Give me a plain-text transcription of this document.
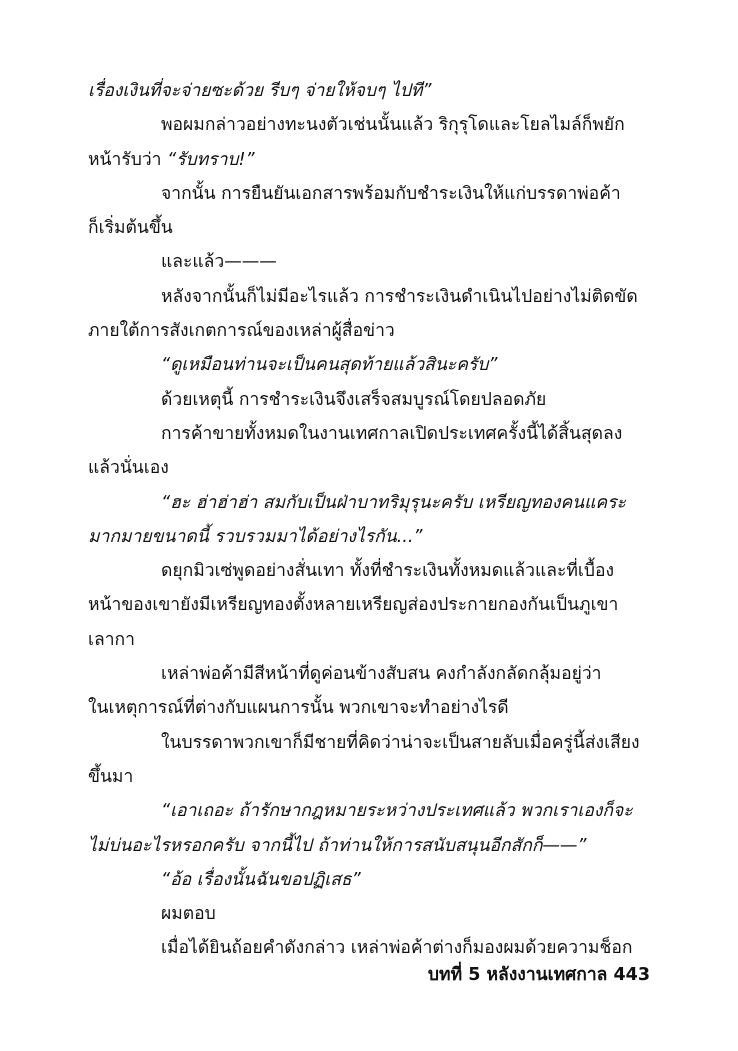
เรื่องเงินที่จะจ่ายซะด้วย รีบๆ จ่ายให้จบๆ ไปที”
พอผมกล่าวอย่างทะนงตัวเช่นนั้นแล้ว ริกุรุโดและโยลไมล์ก็พยัก
หน้ารับว่า “รับทราบ!”
จากนั้น การยืนยันเอกสารพร้อมกับชำระเงินให้แก่บรรดาพ่อค้า
ก็เริ่มต้นขึ้น
และแล้ว———
หลังจากนั้นก็ไม่มีอะไรแล้ว การชำระเงินดำเนินไปอย่างไม่ติดขัด
ภายใต้การสังเกตการณ์ของเหล่าผู้สื่อข่าว
“ดูเหมือนท่านจะเป็นคนสุดท้ายแล้วสินะครับ”
ด้วยเหตุนี้ การชำระเงินจึงเสร็จสมบูรณ์โดยปลอดภัย
การค้าขายทั้งหมดในงานเทศกาลเปิดประเทศครั้งนี้ได้สิ้นสุดลง
แล้วนั่นเอง
“ฮะ ฮ่าฮ่าฮ่า สมกับเป็นฝ่าบาทริมุรุนะครับ เหรียญทองคนแคระ
มากมายขนาดนี้ รวบรวมมาได้อย่างไรกัน...”
ดยุกมิวเซ่พูดอย่างสั่นเทา ทั้งที่ชำระเงินทั้งหมดแล้วและที่เบื้อง
หน้าของเขายังมีเหรียญทองตั้งหลายเหรียญส่องประกายกองกันเป็นภูเขา
เลากา
เหล่าพ่อค้ามีสีหน้าที่ดูค่อนข้างสับสน คงกำลังกลัดกลุ้มอยู่ว่า
ในเหตุการณ์ที่ต่างกับแผนการนั้น พวกเขาจะทำอย่างไรดี
ในบรรดาพวกเขาก็มีชายที่คิดว่าน่าจะเป็นสายลับเมื่อครู่นี้ส่งเสียง
ขึ้นมา
“เอาเถอะ ถ้ารักษากฎหมายระหว่างประเทศแล้ว พวกเราเองก็จะ
ไม่บ่นอะไรหรอกครับ จากนี้ไป ถ้าท่านให้การสนับสนุนอีกสักก็——”
“อ้อ เรื่องนั้นฉันขอปฏิเสธ”
ผมตอบ
เมื่อได้ยินถ้อยคำดังกล่าว เหล่าพ่อค้าต่างก็มองผมด้วยความช็อก
บทที่ 5 หลังงานเทศกาล 443
